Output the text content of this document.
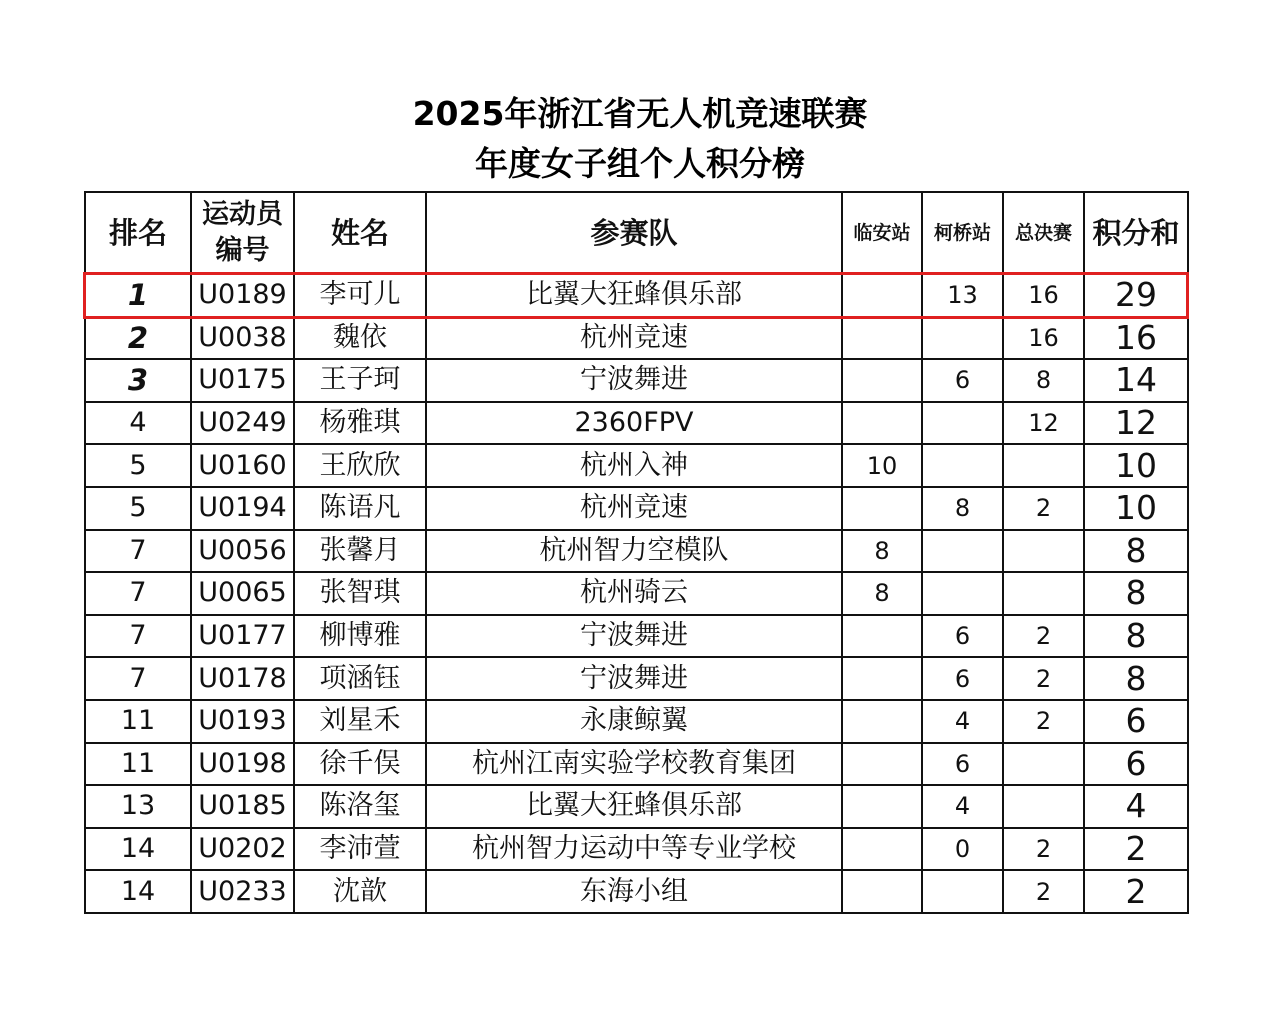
2025年浙江省无人机竞速联赛
年度女子组个人积分榜
排名	运动员编号	姓名	参赛队	临安站	柯桥站	总决赛	积分和
1	U0189	李可儿	比翼大狂蜂俱乐部		13	16	29
2	U0038	魏依	杭州竞速			16	16
3	U0175	王子珂	宁波舞进		6	8	14
4	U0249	杨雅琪	2360FPV			12	12
5	U0160	王欣欣	杭州入神	10			10
5	U0194	陈语凡	杭州竞速		8	2	10
7	U0056	张馨月	杭州智力空模队	8			8
7	U0065	张智琪	杭州骑云	8			8
7	U0177	柳博雅	宁波舞进		6	2	8
7	U0178	项涵钰	宁波舞进		6	2	8
11	U0193	刘星禾	永康鲸翼		4	2	6
11	U0198	徐千俣	杭州江南实验学校教育集团		6		6
13	U0185	陈洛玺	比翼大狂蜂俱乐部		4		4
14	U0202	李沛萱	杭州智力运动中等专业学校		0	2	2
14	U0233	沈歆	东海小组			2	2
